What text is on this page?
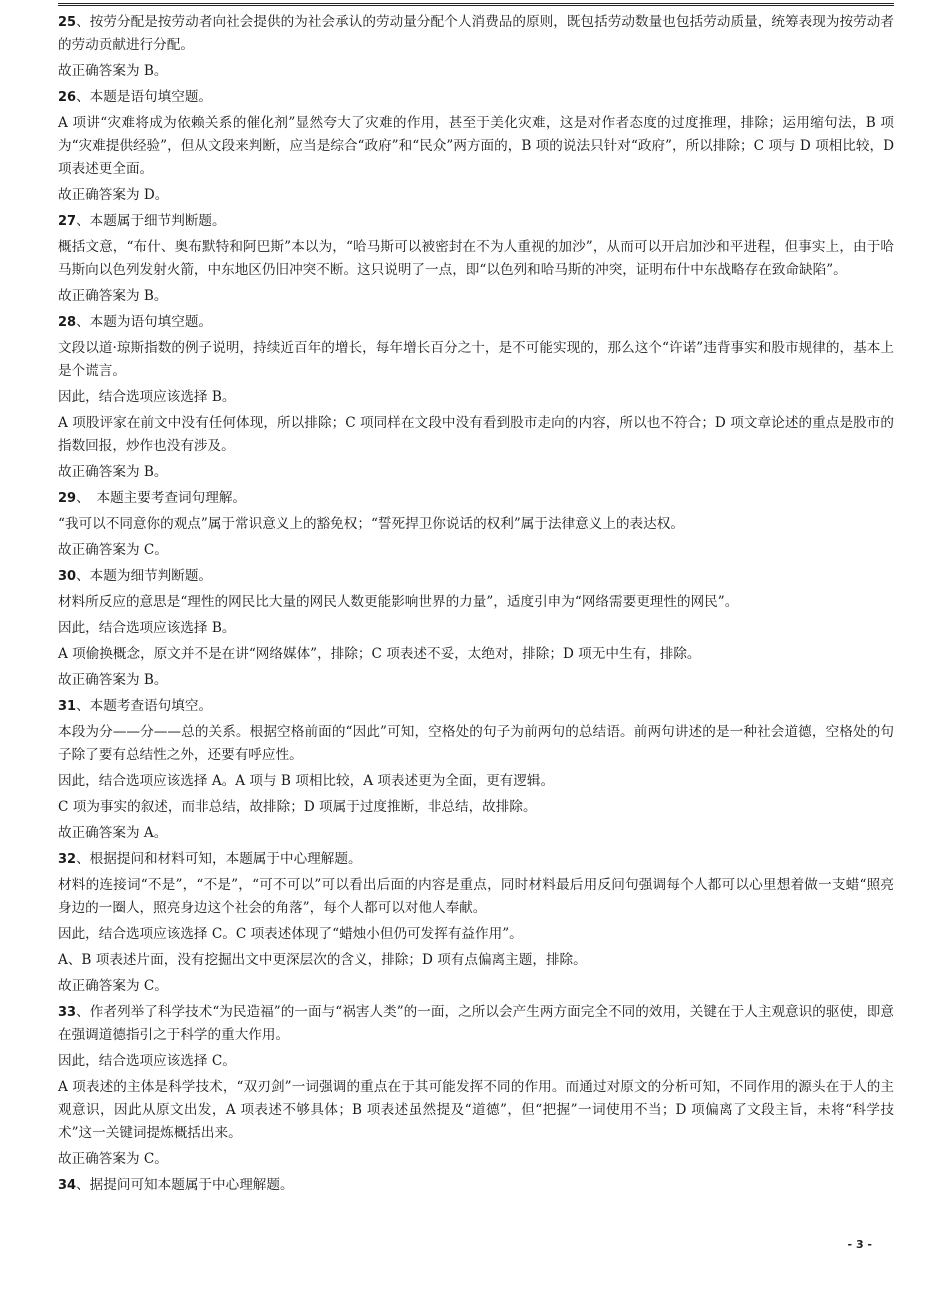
25、按劳分配是按劳动者向社会提供的为社会承认的劳动量分配个人消费品的原则，既包括劳动数量也包括劳动质量，统筹表现为按劳动者的劳动贡献进行分配。
故正确答案为 B。
26、本题是语句填空题。
A 项讲“灾难将成为依赖关系的催化剂”显然夸大了灾难的作用，甚至于美化灾难，这是对作者态度的过度推理，排除；运用缩句法，B 项为“灾难提供经验”，但从文段来判断，应当是综合“政府”和“民众”两方面的，B 项的说法只针对“政府”，所以排除；C 项与 D 项相比较，D 项表述更全面。
故正确答案为 D。
27、本题属于细节判断题。
概括文意，“布什、奥布默特和阿巴斯”本以为，“哈马斯可以被密封在不为人重视的加沙”，从而可以开启加沙和平进程，但事实上，由于哈马斯向以色列发射火箭，中东地区仍旧冲突不断。这只说明了一点，即“以色列和哈马斯的冲突，证明布什中东战略存在致命缺陷”。
故正确答案为 B。
28、本题为语句填空题。
文段以道·琼斯指数的例子说明，持续近百年的增长，每年增长百分之十，是不可能实现的，那么这个“许诺”违背事实和股市规律的，基本上是个谎言。
因此，结合选项应该选择 B。
A 项股评家在前文中没有任何体现，所以排除；C 项同样在文段中没有看到股市走向的内容，所以也不符合；D 项文章论述的重点是股市的指数回报，炒作也没有涉及。
故正确答案为 B。
29、　本题主要考查词句理解。
“我可以不同意你的观点”属于常识意义上的豁免权；“誓死捍卫你说话的权利”属于法律意义上的表达权。
故正确答案为 C。
30、本题为细节判断题。
材料所反应的意思是“理性的网民比大量的网民人数更能影响世界的力量”，适度引申为“网络需要更理性的网民”。
因此，结合选项应该选择 B。
A 项偷换概念，原文并不是在讲“网络媒体”，排除；C 项表述不妥，太绝对，排除；D 项无中生有，排除。
故正确答案为 B。
31、本题考查语句填空。
本段为分——分——总的关系。根据空格前面的“因此”可知，空格处的句子为前两句的总结语。前两句讲述的是一种社会道德，空格处的句子除了要有总结性之外，还要有呼应性。
因此，结合选项应该选择 A。A 项与 B 项相比较，A 项表述更为全面，更有逻辑。
C 项为事实的叙述，而非总结，故排除；D 项属于过度推断，非总结，故排除。
故正确答案为 A。
32、根据提问和材料可知，本题属于中心理解题。
材料的连接词“不是”，“不是”，“可不可以”可以看出后面的内容是重点，同时材料最后用反问句强调每个人都可以心里想着做一支蜡“照亮身边的一圈人，照亮身边这个社会的角落”，每个人都可以对他人奉献。
因此，结合选项应该选择 C。C 项表述体现了“蜡烛小但仍可发挥有益作用”。
A、B 项表述片面，没有挖掘出文中更深层次的含义，排除；D 项有点偏离主题，排除。
故正确答案为 C。
33、作者列举了科学技术“为民造福”的一面与“祸害人类”的一面，之所以会产生两方面完全不同的效用，关键在于人主观意识的驱使，即意在强调道德指引之于科学的重大作用。
因此，结合选项应该选择 C。
A 项表述的主体是科学技术，“双刃剑”一词强调的重点在于其可能发挥不同的作用。而通过对原文的分析可知，不同作用的源头在于人的主观意识，因此从原文出发，A 项表述不够具体；B 项表述虽然提及“道德”，但“把握”一词使用不当；D 项偏离了文段主旨，未将“科学技术”这一关键词提炼概括出来。
故正确答案为 C。
34、据提问可知本题属于中心理解题。
- 3 -
